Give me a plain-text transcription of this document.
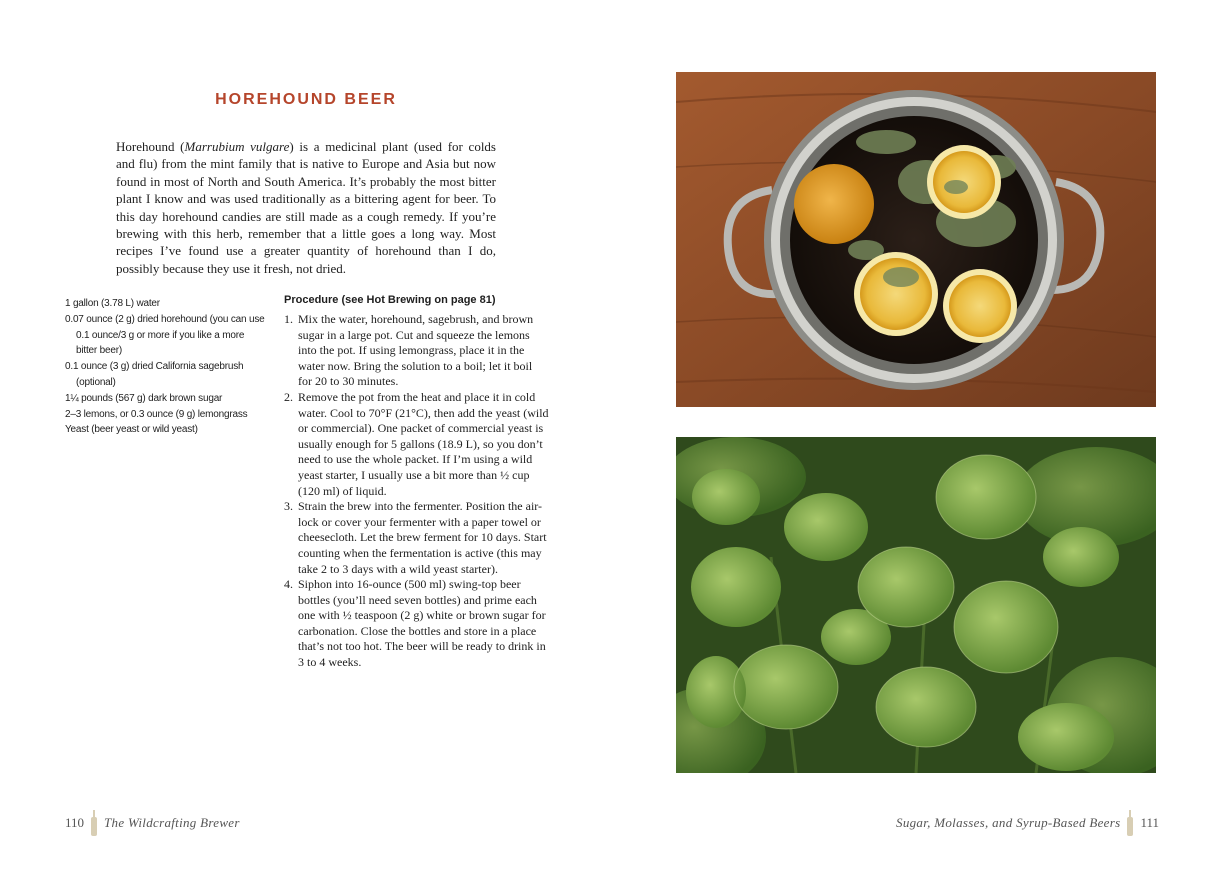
HOREHOUND BEER

Horehound (Marrubium vulgare) is a medicinal plant (used for colds and flu) from the mint family that is native to Europe and Asia but now found in most of North and South America. It’s probably the most bitter plant I know and was used traditionally as a bittering agent for beer. To this day horehound candies are still made as a cough remedy. If you’re brewing with this herb, remember that a little goes a long way. Most recipes I’ve found use a greater quantity of horehound than I do, possibly because they use it fresh, not dried.

1 gallon (3.78 L) water
0.07 ounce (2 g) dried horehound (you can use 0.1 ounce/3 g or more if you like a more bitter beer)
0.1 ounce (3 g) dried California sagebrush (optional)
1¼ pounds (567 g) dark brown sugar
2–3 lemons, or 0.3 ounce (9 g) lemongrass
Yeast (beer yeast or wild yeast)
Procedure (see Hot Brewing on page 81)
1. Mix the water, horehound, sagebrush, and brown sugar in a large pot. Cut and squeeze the lemons into the pot. If using lemongrass, place it in the water now. Bring the solution to a boil; let it boil for 20 to 30 minutes.
2. Remove the pot from the heat and place it in cold water. Cool to 70°F (21°C), then add the yeast (wild or commercial). One packet of commercial yeast is usually enough for 5 gallons (18.9 L), so you don’t need to use the whole packet. If I’m using a wild yeast starter, I usually use a bit more than ½ cup (120 ml) of liquid.
3. Strain the brew into the fermenter. Position the air-lock or cover your fermenter with a paper towel or cheesecloth. Let the brew ferment for 10 days. Start counting when the fermentation is active (this may take 2 to 3 days with a wild yeast starter).
4. Siphon into 16-ounce (500 ml) swing-top beer bottles (you’ll need seven bottles) and prime each one with ½ teaspoon (2 g) white or brown sugar for carbonation. Close the bottles and store in a place that’s not too hot. The beer will be ready to drink in 3 to 4 weeks.
110 The Wildcrafting Brewer	Sugar, Molasses, and Syrup-Based Beers 111
